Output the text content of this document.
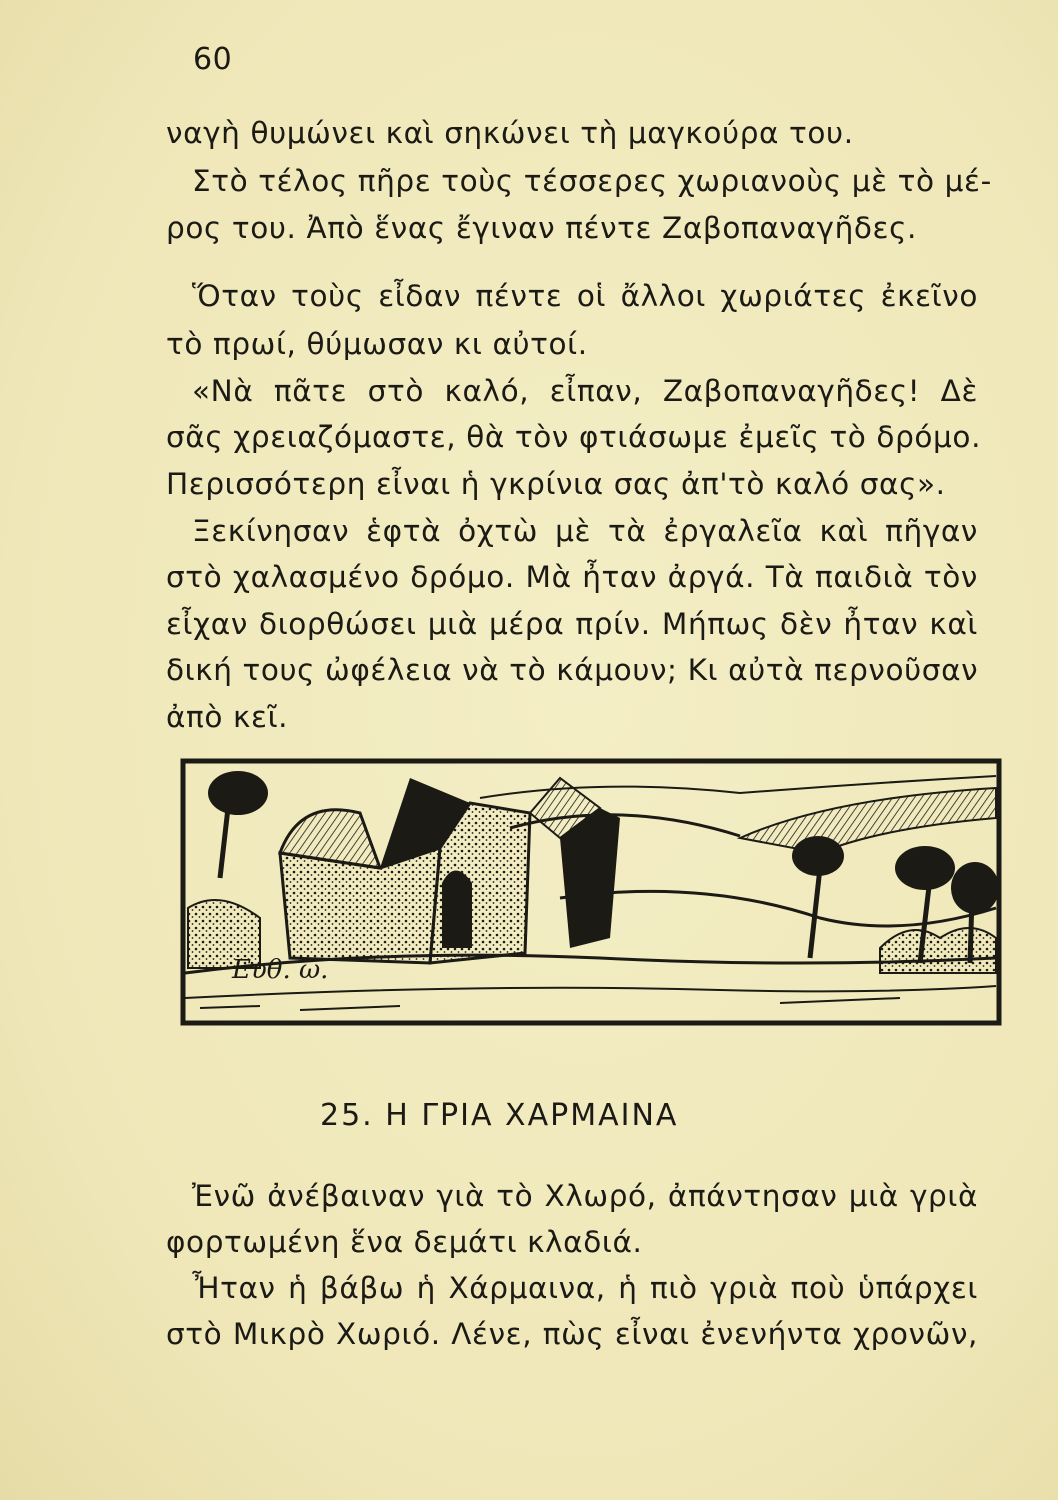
60
ναγὴ θυμώνει καὶ σηκώνει τὴ μαγκούρα του.
Στὸ τέλος πῆρε τοὺς τέσσερες χωριανοὺς μὲ τὸ μέ-
ρος του. Ἀπὸ ἕνας ἔγιναν πέντε Ζαβοπαναγῆδες.
Ὅταν τοὺς εἶδαν πέντε οἱ ἄλλοι χωριάτες ἐκεῖνο
τὸ πρωί, θύμωσαν κι αὐτοί.
«Νὰ πᾶτε στὸ καλό, εἶπαν, Ζαβοπαναγῆδες! Δὲ
σᾶς χρειαζόμαστε, θὰ τὸν φτιάσωμε ἐμεῖς τὸ δρόμο.
Περισσότερη εἶναι ἡ γκρίνια σας ἀπ'τὸ καλό σας».
Ξεκίνησαν ἑφτὰ ὀχτὼ μὲ τὰ ἐργαλεῖα καὶ πῆγαν
στὸ χαλασμένο δρόμο. Μὰ ἦταν ἀργά. Τὰ παιδιὰ τὸν
εἶχαν διορθώσει μιὰ μέρα πρίν. Μήπως δὲν ἦταν καὶ
δική τους ὠφέλεια νὰ τὸ κάμουν; Κι αὐτὰ περνοῦσαν
ἀπὸ κεῖ.
Ευθ. ω.
25. Η ΓΡΙΑ ΧΑΡΜΑΙΝΑ
Ἐνῶ ἀνέβαιναν γιὰ τὸ Χλωρό, ἀπάντησαν μιὰ γριὰ
φορτωμένη ἕνα δεμάτι κλαδιά.
Ἦταν ἡ βάβω ἡ Χάρμαινα, ἡ πιὸ γριὰ ποὺ ὑπάρχει
στὸ Μικρὸ Χωριό. Λένε, πὼς εἶναι ἐνενήντα χρονῶν,
